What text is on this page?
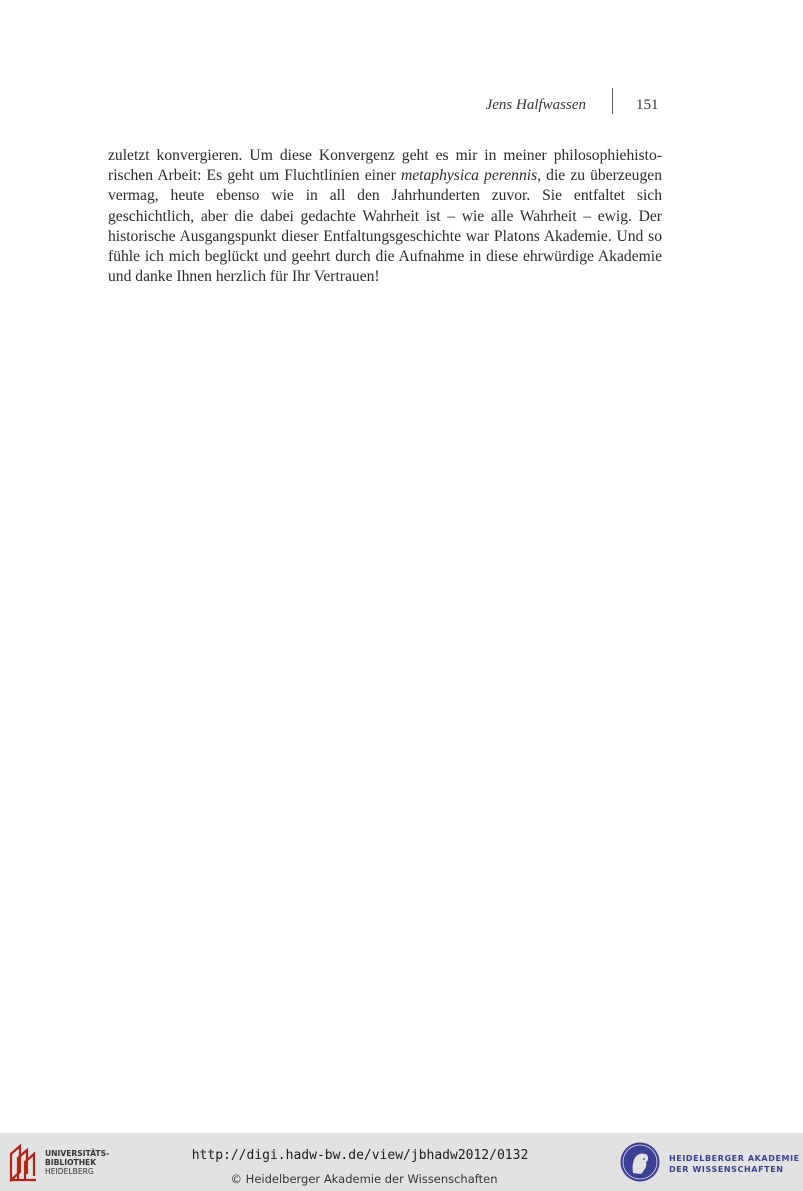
Jens Halfwassen	151

zuletzt konvergieren. Um diese Konvergenz geht es mir in meiner philosophiehistorischen Arbeit: Es geht um Fluchtlinien einer metaphysica perennis, die zu überzeugen vermag, heute ebenso wie in all den Jahrhunderten zuvor. Sie entfaltet sich geschichtlich, aber die dabei gedachte Wahrheit ist – wie alle Wahrheit – ewig. Der historische Ausgangspunkt dieser Entfaltungsgeschichte war Platons Akademie. Und so fühle ich mich beglückt und geehrt durch die Aufnahme in diese ehrwürdige Akademie und danke Ihnen herzlich für Ihr Vertrauen!

UNIVERSITÄTS-
BIBLIOTHEK
HEIDELBERG
http://digi.hadw-bw.de/view/jbhadw2012/0132
© Heidelberger Akademie der Wissenschaften
HEIDELBERGER AKADEMIE
DER WISSENSCHAFTEN
